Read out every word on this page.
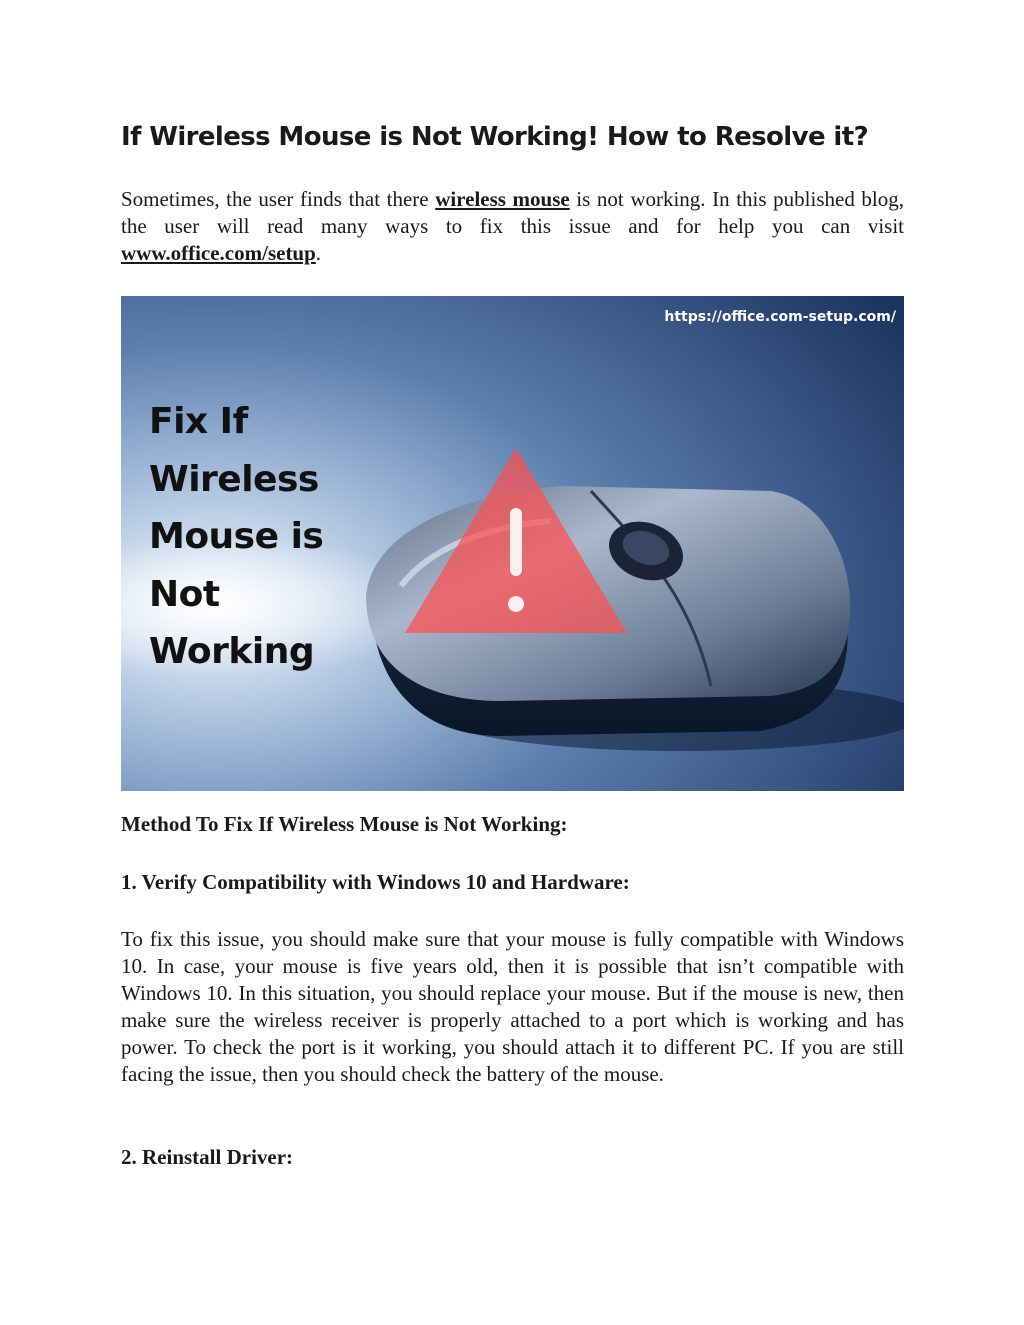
If Wireless Mouse is Not Working! How to Resolve it?

Sometimes, the user finds that there wireless mouse is not working. In this published blog, the user will read many ways to fix this issue and for help you can visit www.office.com/setup.

https://office.com-setup.com/
Fix If
Wireless
Mouse is
Not
Working
Method To Fix If Wireless Mouse is Not Working:
1. Verify Compatibility with Windows 10 and Hardware:

To fix this issue, you should make sure that your mouse is fully compatible with Windows 10. In case, your mouse is five years old, then it is possible that isn’t compatible with Windows 10. In this situation, you should replace your mouse. But if the mouse is new, then make sure the wireless receiver is properly attached to a port which is working and has power. To check the port is it working, you should attach it to different PC. If you are still facing the issue, then you should check the battery of the mouse.

2. Reinstall Driver:
